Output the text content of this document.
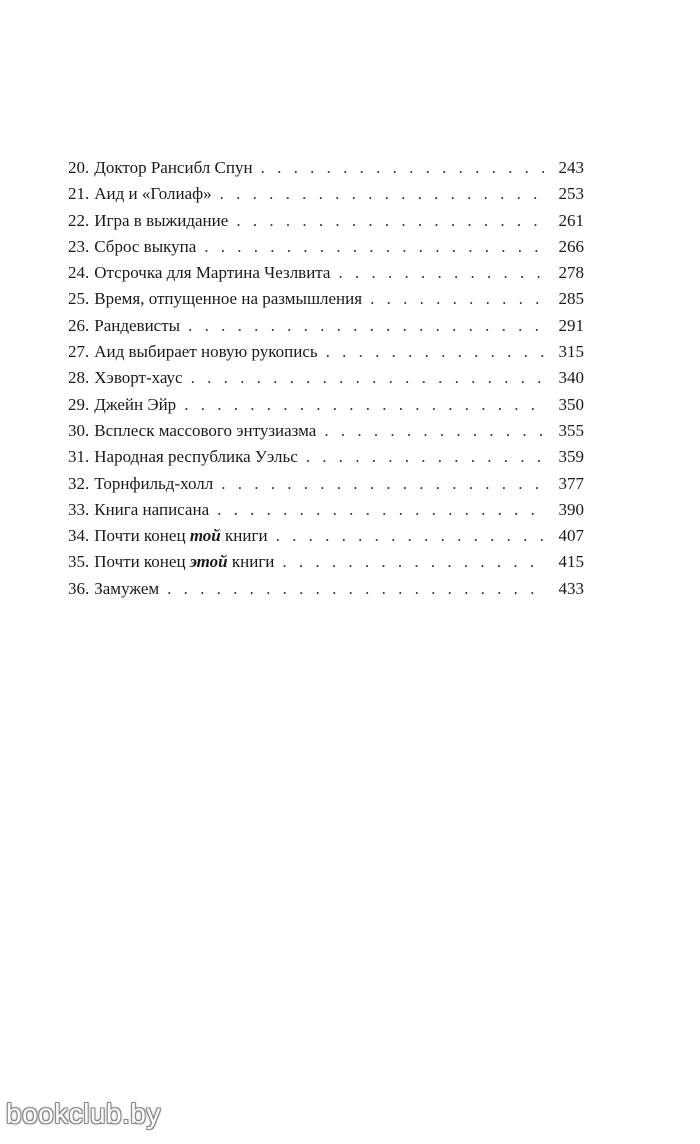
20. Доктор Рансибл Спун . . .	243
21. Аид и «Голиаф» . . .	253
22. Игра в выжидание . . .	261
23. Сброс выкупа . . .	266
24. Отсрочка для Мартина Чезлвита . . .	278
25. Время, отпущенное на размышления . . .	285
26. Рандевисты . . .	291
27. Аид выбирает новую рукопись . . .	315
28. Хэворт-хаус . . .	340
29. Джейн Эйр . . .	350
30. Всплеск массового энтузиазма . . .	355
31. Народная республика Уэльс . . .	359
32. Торнфильд-холл . . .	377
33. Книга написана . . .	390
34. Почти конец той книги . . .	407
35. Почти конец этой книги . . .	415
36. Замужем . . .	433
bookclub.by
